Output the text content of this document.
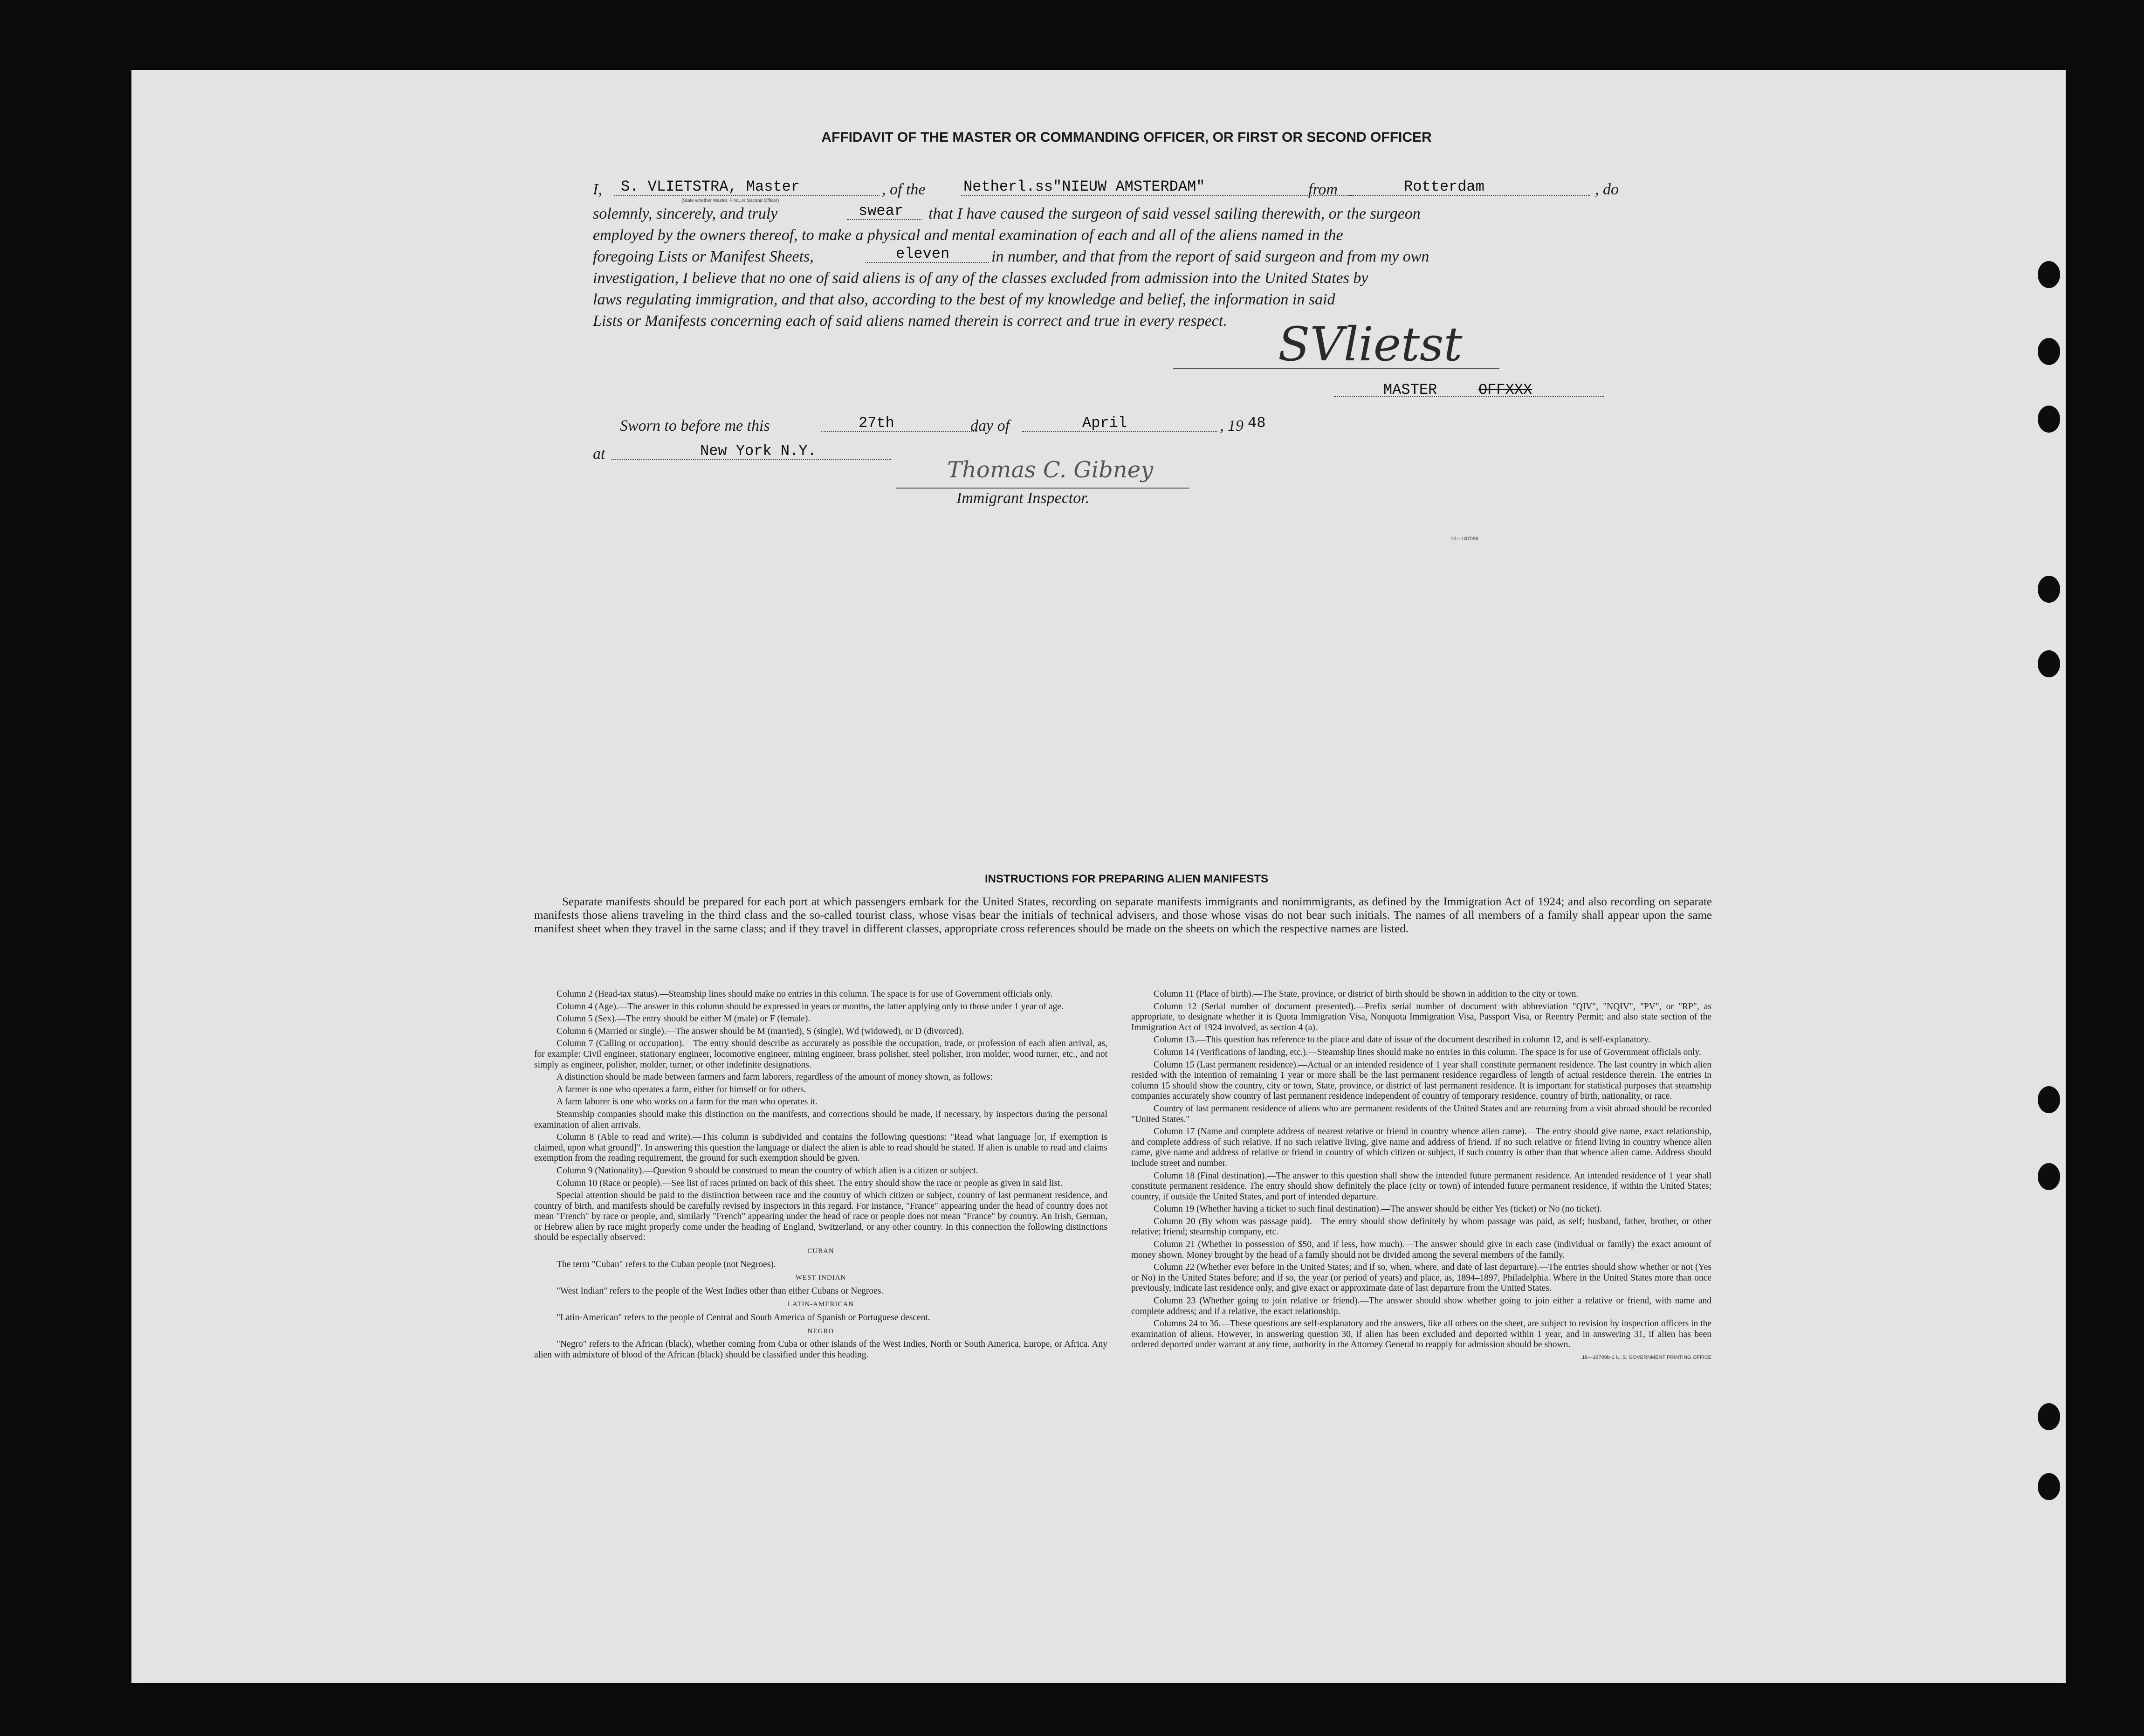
AFFIDAVIT OF THE MASTER OR COMMANDING OFFICER, OR FIRST OR SECOND OFFICER
I, S. VLIETSTRA, Master	, of the	Netherl.ss"NIEUW AMSTERDAM"	from	Rotterdam	, do
(State whether Master, First, or Second Officer)
solemnly, sincerely, and truly	swear that I have caused the surgeon of said vessel sailing therewith, or the surgeon
employed by the owners thereof, to make a physical and mental examination of each and all of the aliens named in the
foregoing Lists or Manifest Sheets,	eleven	in number, and that from the report of said surgeon and from my own
investigation, I believe that no one of said aliens is of any of the classes excluded from admission into the United States by
laws regulating immigration, and that also, according to the best of my knowledge and belief, the information in said
Lists or Manifests concerning each of said aliens named therein is correct and true in every respect. SVlietst
MASTER	OFFXXX
Sworn to before me this	27th	day of	April	, 19 48
at	New York N.Y.
Thomas C. Gibney
Immigrant Inspector.
10—18709b
INSTRUCTIONS FOR PREPARING ALIEN MANIFESTS
Separate manifests should be prepared for each port at which passengers embark for the United States, recording on separate manifests immigrants and nonimmigrants, as defined by the Immigration Act of 1924; and also recording on separate manifests those aliens traveling in the third class and the so-called tourist class, whose visas bear the initials of technical advisers, and those whose visas do not bear such initials. The names of all members of a family shall appear upon the same manifest sheet when they travel in the same class; and if they travel in different classes, appropriate cross references should be made on the sheets on which the respective names are listed.

Column 2 (Head-tax status).—Steamship lines should make no entries in this column. The space is for use of Government officials only.

Column 4 (Age).—The answer in this column should be expressed in years or months, the latter applying only to those under 1 year of age.

Column 5 (Sex).—The entry should be either M (male) or F (female).

Column 6 (Married or single).—The answer should be M (married), S (single), Wd (widowed), or D (divorced).

Column 7 (Calling or occupation).—The entry should describe as accurately as possible the occupation, trade, or profession of each alien arrival, as, for example: Civil engineer, stationary engineer, locomotive engineer, mining engineer, brass polisher, steel polisher, iron molder, wood turner, etc., and not simply as engineer, polisher, molder, turner, or other indefinite designations.

A distinction should be made between farmers and farm laborers, regardless of the amount of money shown, as follows:

A farmer is one who operates a farm, either for himself or for others.

A farm laborer is one who works on a farm for the man who operates it.

Steamship companies should make this distinction on the manifests, and corrections should be made, if necessary, by inspectors during the personal examination of alien arrivals.

Column 8 (Able to read and write).—This column is subdivided and contains the following questions: "Read what language [or, if exemption is claimed, upon what ground]". In answering this question the language or dialect the alien is able to read should be stated. If alien is unable to read and claims exemption from the reading requirement, the ground for such exemption should be given.

Column 9 (Nationality).—Question 9 should be construed to mean the country of which alien is a citizen or subject.

Column 10 (Race or people).—See list of races printed on back of this sheet. The entry should show the race or people as given in said list.

Special attention should be paid to the distinction between race and the country of which citizen or subject, country of last permanent residence, and country of birth, and manifests should be carefully revised by inspectors in this regard. For instance, "France" appearing under the head of country does not mean "French" by race or people, and, similarly "French" appearing under the head of race or people does not mean "France" by country. An Irish, German, or Hebrew alien by race might properly come under the heading of England, Switzerland, or any other country. In this connection the following distinctions should be especially observed:

CUBAN

The term "Cuban" refers to the Cuban people (not Negroes).

WEST INDIAN

"West Indian" refers to the people of the West Indies other than either Cubans or Negroes.

LATIN-AMERICAN

"Latin-American" refers to the people of Central and South America of Spanish or Portuguese descent.

NEGRO

"Negro" refers to the African (black), whether coming from Cuba or other islands of the West Indies, North or South America, Europe, or Africa. Any alien with admixture of blood of the African (black) should be classified under this heading.

Column 11 (Place of birth).—The State, province, or district of birth should be shown in addition to the city or town.

Column 12 (Serial number of document presented).—Prefix serial number of document with abbreviation "QIV", "NQIV", "PV", or "RP", as appropriate, to designate whether it is Quota Immigration Visa, Nonquota Immigration Visa, Passport Visa, or Reentry Permit; and also state section of the Immigration Act of 1924 involved, as section 4 (a).

Column 13.—This question has reference to the place and date of issue of the document described in column 12, and is self-explanatory.

Column 14 (Verifications of landing, etc.).—Steamship lines should make no entries in this column. The space is for use of Government officials only.

Column 15 (Last permanent residence).—Actual or an intended residence of 1 year shall constitute permanent residence. The last country in which alien resided with the intention of remaining 1 year or more shall be the last permanent residence regardless of length of actual residence therein. The entries in column 15 should show the country, city or town, State, province, or district of last permanent residence. It is important for statistical purposes that steamship companies accurately show country of last permanent residence independent of country of temporary residence, country of birth, nationality, or race.

Country of last permanent residence of aliens who are permanent residents of the United States and are returning from a visit abroad should be recorded "United States."

Column 17 (Name and complete address of nearest relative or friend in country whence alien came).—The entry should give name, exact relationship, and complete address of such relative. If no such relative living, give name and address of friend. If no such relative or friend living in country whence alien came, give name and address of relative or friend in country of which citizen or subject, if such country is other than that whence alien came. Address should include street and number.

Column 18 (Final destination).—The answer to this question shall show the intended future permanent residence. An intended residence of 1 year shall constitute permanent residence. The entry should show definitely the place (city or town) of intended future permanent residence, if within the United States; country, if outside the United States, and port of intended departure.

Column 19 (Whether having a ticket to such final destination).—The answer should be either Yes (ticket) or No (no ticket).

Column 20 (By whom was passage paid).—The entry should show definitely by whom passage was paid, as self; husband, father, brother, or other relative; friend; steamship company, etc.

Column 21 (Whether in possession of $50, and if less, how much).—The answer should give in each case (individual or family) the exact amount of money shown. Money brought by the head of a family should not be divided among the several members of the family.

Column 22 (Whether ever before in the United States; and if so, when, where, and date of last departure).—The entries should show whether or not (Yes or No) in the United States before; and if so, the year (or period of years) and place, as, 1894–1897, Philadelphia. Where in the United States more than once previously, indicate last residence only, and give exact or approximate date of last departure from the United States.

Column 23 (Whether going to join relative or friend).—The answer should show whether going to join either a relative or friend, with name and complete address; and if a relative, the exact relationship.

Columns 24 to 36.—These questions are self-explanatory and the answers, like all others on the sheet, are subject to revision by inspection officers in the examination of aliens. However, in answering question 30, if alien has been excluded and deported within 1 year, and in answering 31, if alien has been ordered deported under warrant at any time, authority in the Attorney General to reapply for admission should be shown.

16—18709b-1 U. S. GOVERNMENT PRINTING OFFICE
